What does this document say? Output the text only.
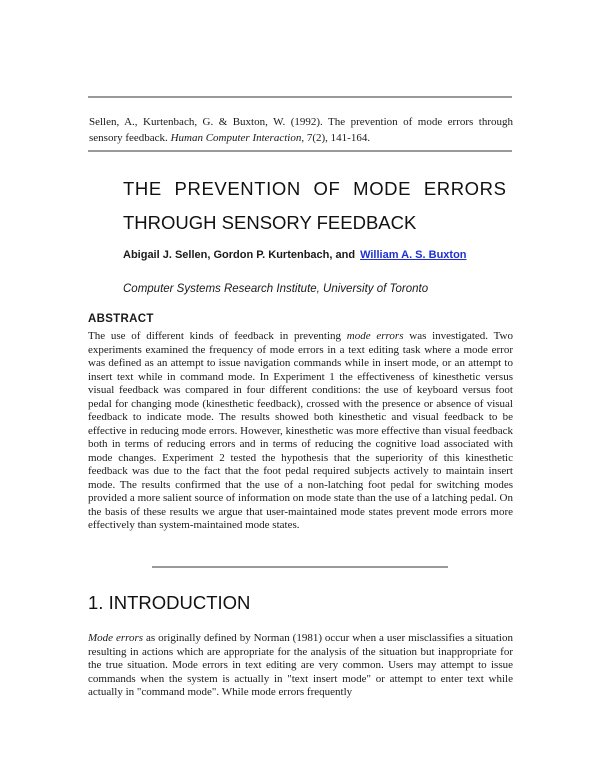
Sellen, A., Kurtenbach, G. & Buxton, W. (1992). The prevention of mode errors through sensory feedback. Human Computer Interaction, 7(2), 141-164.
THE PREVENTION OF MODE ERRORS
THROUGH SENSORY FEEDBACK
Abigail J. Sellen, Gordon P. Kurtenbach, and William A. S. Buxton
Computer Systems Research Institute, University of Toronto
ABSTRACT
The use of different kinds of feedback in preventing mode errors was investigated. Two experiments examined the frequency of mode errors in a text editing task where a mode error was defined as an attempt to issue navigation commands while in insert mode, or an attempt to insert text while in command mode. In Experiment 1 the effectiveness of kinesthetic versus visual feedback was compared in four different conditions: the use of keyboard versus foot pedal for changing mode (kinesthetic feedback), crossed with the presence or absence of visual feedback to indicate mode. The results showed both kinesthetic and visual feedback to be effective in reducing mode errors. However, kinesthetic was more effective than visual feedback both in terms of reducing errors and in terms of reducing the cognitive load associated with mode changes. Experiment 2 tested the hypothesis that the superiority of this kinesthetic feedback was due to the fact that the foot pedal required subjects actively to maintain insert mode. The results confirmed that the use of a non-latching foot pedal for switching modes provided a more salient source of information on mode state than the use of a latching pedal. On the basis of these results we argue that user-maintained mode states prevent mode errors more effectively than system-maintained mode states.
1. INTRODUCTION
Mode errors as originally defined by Norman (1981) occur when a user misclassifies a situation resulting in actions which are appropriate for the analysis of the situation but inappropriate for the true situation. Mode errors in text editing are very common. Users may attempt to issue commands when the system is actually in "text insert mode" or attempt to enter text while actually in "command mode". While mode errors frequently
